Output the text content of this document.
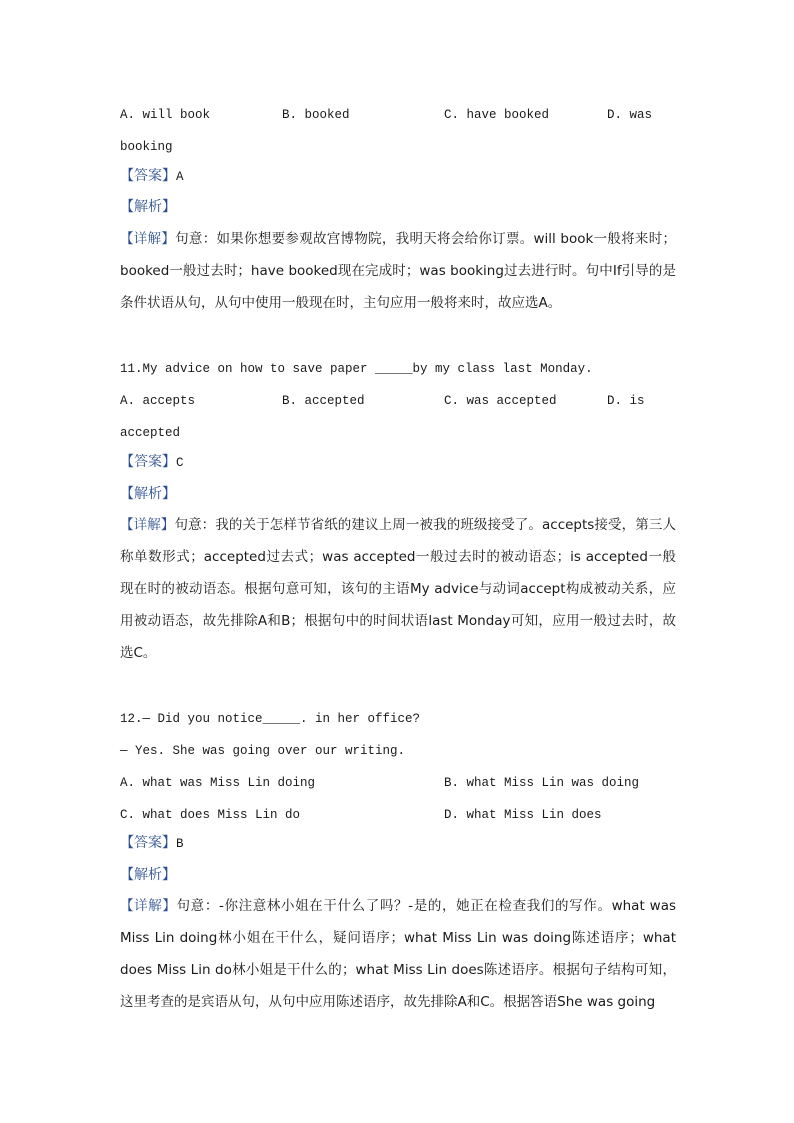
A. will book	B. booked	C. have booked	D. was
booking
【答案】A
【解析】
【详解】句意：如果你想要参观故宫博物院，我明天将会给你订票。will book一般将来时；booked一般过去时；have booked现在完成时；was booking过去进行时。句中If引导的是条件状语从句，从句中使用一般现在时，主句应用一般将来时，故应选A。
11.My advice on how to save paper _____by my class last Monday.
A. accepts	B. accepted	C. was accepted	D. is
accepted
【答案】C
【解析】
【详解】句意：我的关于怎样节省纸的建议上周一被我的班级接受了。accepts接受，第三人称单数形式；accepted过去式；was accepted一般过去时的被动语态；is accepted一般现在时的被动语态。根据句意可知，该句的主语My advice与动词accept构成被动关系，应用被动语态，故先排除A和B；根据句中的时间状语last Monday可知，应用一般过去时，故选C。
12.— Did you notice_____. in her office?
— Yes. She was going over our writing.
A. what was Miss Lin doing	B. what Miss Lin was doing
C. what does Miss Lin do	D. what Miss Lin does
【答案】B
【解析】
【详解】句意：-你注意林小姐在干什么了吗？-是的，她正在检查我们的写作。what was Miss Lin doing林小姐在干什么，疑问语序；what Miss Lin was doing陈述语序；what does Miss Lin do林小姐是干什么的；what Miss Lin does陈述语序。根据句子结构可知，这里考查的是宾语从句，从句中应用陈述语序，故先排除A和C。根据答语She was going
